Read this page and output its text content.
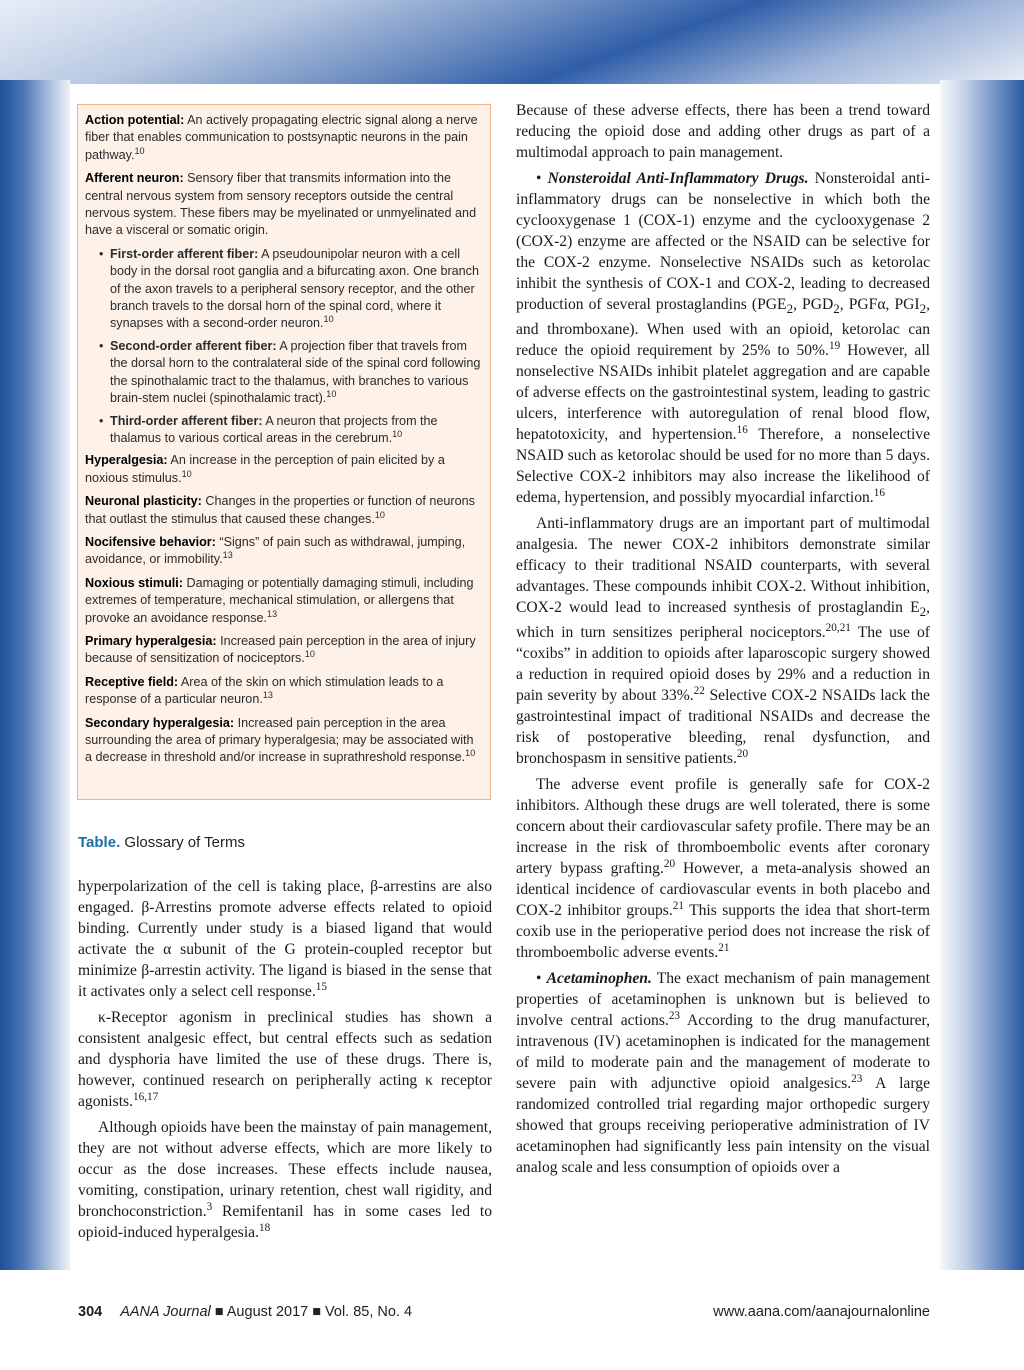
Action potential: An actively propagating electric signal along a nerve fiber that enables communication to postsynaptic neurons in the pain pathway.$^{10}$
Afferent neuron: Sensory fiber that transmits information into the central nervous system from sensory receptors outside the central nervous system. These fibers may be myelinated or unmyelinated and have a visceral or somatic origin.
• First-order afferent fiber: A pseudounipolar neuron with a cell body in the dorsal root ganglia and a bifurcating axon. One branch of the axon travels to a peripheral sensory receptor, and the other branch travels to the dorsal horn of the spinal cord, where it synapses with a second-order neuron.$^{10}$
• Second-order afferent fiber: A projection fiber that travels from the dorsal horn to the contralateral side of the spinal cord following the spinothalamic tract to the thalamus, with branches to various brain-stem nuclei (spinothalamic tract).$^{10}$
• Third-order afferent fiber: A neuron that projects from the thalamus to various cortical areas in the cerebrum.$^{10}$
Hyperalgesia: An increase in the perception of pain elicited by a noxious stimulus.$^{10}$
Neuronal plasticity: Changes in the properties or function of neurons that outlast the stimulus that caused these changes.$^{10}$
Nocifensive behavior: “Signs” of pain such as withdrawal, jumping, avoidance, or immobility.$^{13}$
Noxious stimuli: Damaging or potentially damaging stimuli, including extremes of temperature, mechanical stimulation, or allergens that provoke an avoidance response.$^{13}$
Primary hyperalgesia: Increased pain perception in the area of injury because of sensitization of nociceptors.$^{10}$
Receptive field: Area of the skin on which stimulation leads to a response of a particular neuron.$^{13}$
Secondary hyperalgesia: Increased pain perception in the area surrounding the area of primary hyperalgesia; may be associated with a decrease in threshold and/or increase in suprathreshold response.$^{10}$
Table. Glossary of Terms

hyperpolarization of the cell is taking place, β-arrestins are also engaged. β-Arrestins promote adverse effects related to opioid binding. Currently under study is a biased ligand that would activate the α subunit of the G protein-coupled receptor but minimize β-arrestin activity. The ligand is biased in the sense that it activates only a select cell response.$^{15}$

κ-Receptor agonism in preclinical studies has shown a consistent analgesic effect, but central effects such as sedation and dysphoria have limited the use of these drugs. There is, however, continued research on peripherally acting κ receptor agonists.$^{16,17}$

Although opioids have been the mainstay of pain management, they are not without adverse effects, which are more likely to occur as the dose increases. These effects include nausea, vomiting, constipation, urinary retention, chest wall rigidity, and bronchoconstriction.$^3$ Remifentanil has in some cases led to opioid-induced hyperalgesia.$^{18}$

Because of these adverse effects, there has been a trend toward reducing the opioid dose and adding other drugs as part of a multimodal approach to pain management.

• Nonsteroidal Anti-Inflammatory Drugs. Nonsteroidal anti-inflammatory drugs can be nonselective in which both the cyclooxygenase 1 (COX-1) enzyme and the cyclooxygenase 2 (COX-2) enzyme are affected or the NSAID can be selective for the COX-2 enzyme. Nonselective NSAIDs such as ketorolac inhibit the synthesis of COX-1 and COX-2, leading to decreased production of several prostaglandins ($PGE_2$, $PGD_2$, PGFα, $PGI_2$, and thromboxane). When used with an opioid, ketorolac can reduce the opioid requirement by 25% to 50%.$^{19}$ However, all nonselective NSAIDs inhibit platelet aggregation and are capable of adverse effects on the gastrointestinal system, leading to gastric ulcers, interference with autoregulation of renal blood flow, hepatotoxicity, and hypertension.$^{16}$ Therefore, a nonselective NSAID such as ketorolac should be used for no more than 5 days. Selective COX-2 inhibitors may also increase the likelihood of edema, hypertension, and possibly myocardial infarction.$^{16}$

Anti-inflammatory drugs are an important part of multimodal analgesia. The newer COX-2 inhibitors demonstrate similar efficacy to their traditional NSAID counterparts, with several advantages. These compounds inhibit COX-2. Without inhibition, COX-2 would lead to increased synthesis of prostaglandin $E_2$, which in turn sensitizes peripheral nociceptors.$^{20,21}$ The use of “coxibs” in addition to opioids after laparoscopic surgery showed a reduction in required opioid doses by 29% and a reduction in pain severity by about 33%.$^{22}$ Selective COX-2 NSAIDs lack the gastrointestinal impact of traditional NSAIDs and decrease the risk of postoperative bleeding, renal dysfunction, and bronchospasm in sensitive patients.$^{20}$

The adverse event profile is generally safe for COX-2 inhibitors. Although these drugs are well tolerated, there is some concern about their cardiovascular safety profile. There may be an increase in the risk of thromboembolic events after coronary artery bypass grafting.$^{20}$ However, a meta-analysis showed an identical incidence of cardiovascular events in both placebo and COX-2 inhibitor groups.$^{21}$ This supports the idea that short-term coxib use in the perioperative period does not increase the risk of thromboembolic adverse events.$^{21}$

• Acetaminophen. The exact mechanism of pain management properties of acetaminophen is unknown but is believed to involve central actions.$^{23}$ According to the drug manufacturer, intravenous (IV) acetaminophen is indicated for the management of mild to moderate pain and the management of moderate to severe pain with adjunctive opioid analgesics.$^{23}$ A large randomized controlled trial regarding major orthopedic surgery showed that groups receiving perioperative administration of IV acetaminophen had significantly less pain intensity on the visual analog scale and less consumption of opioids over a

304 AANA Journal ■ August 2017 ■ Vol. 85, No. 4	www.aana.com/aanajournalonline
